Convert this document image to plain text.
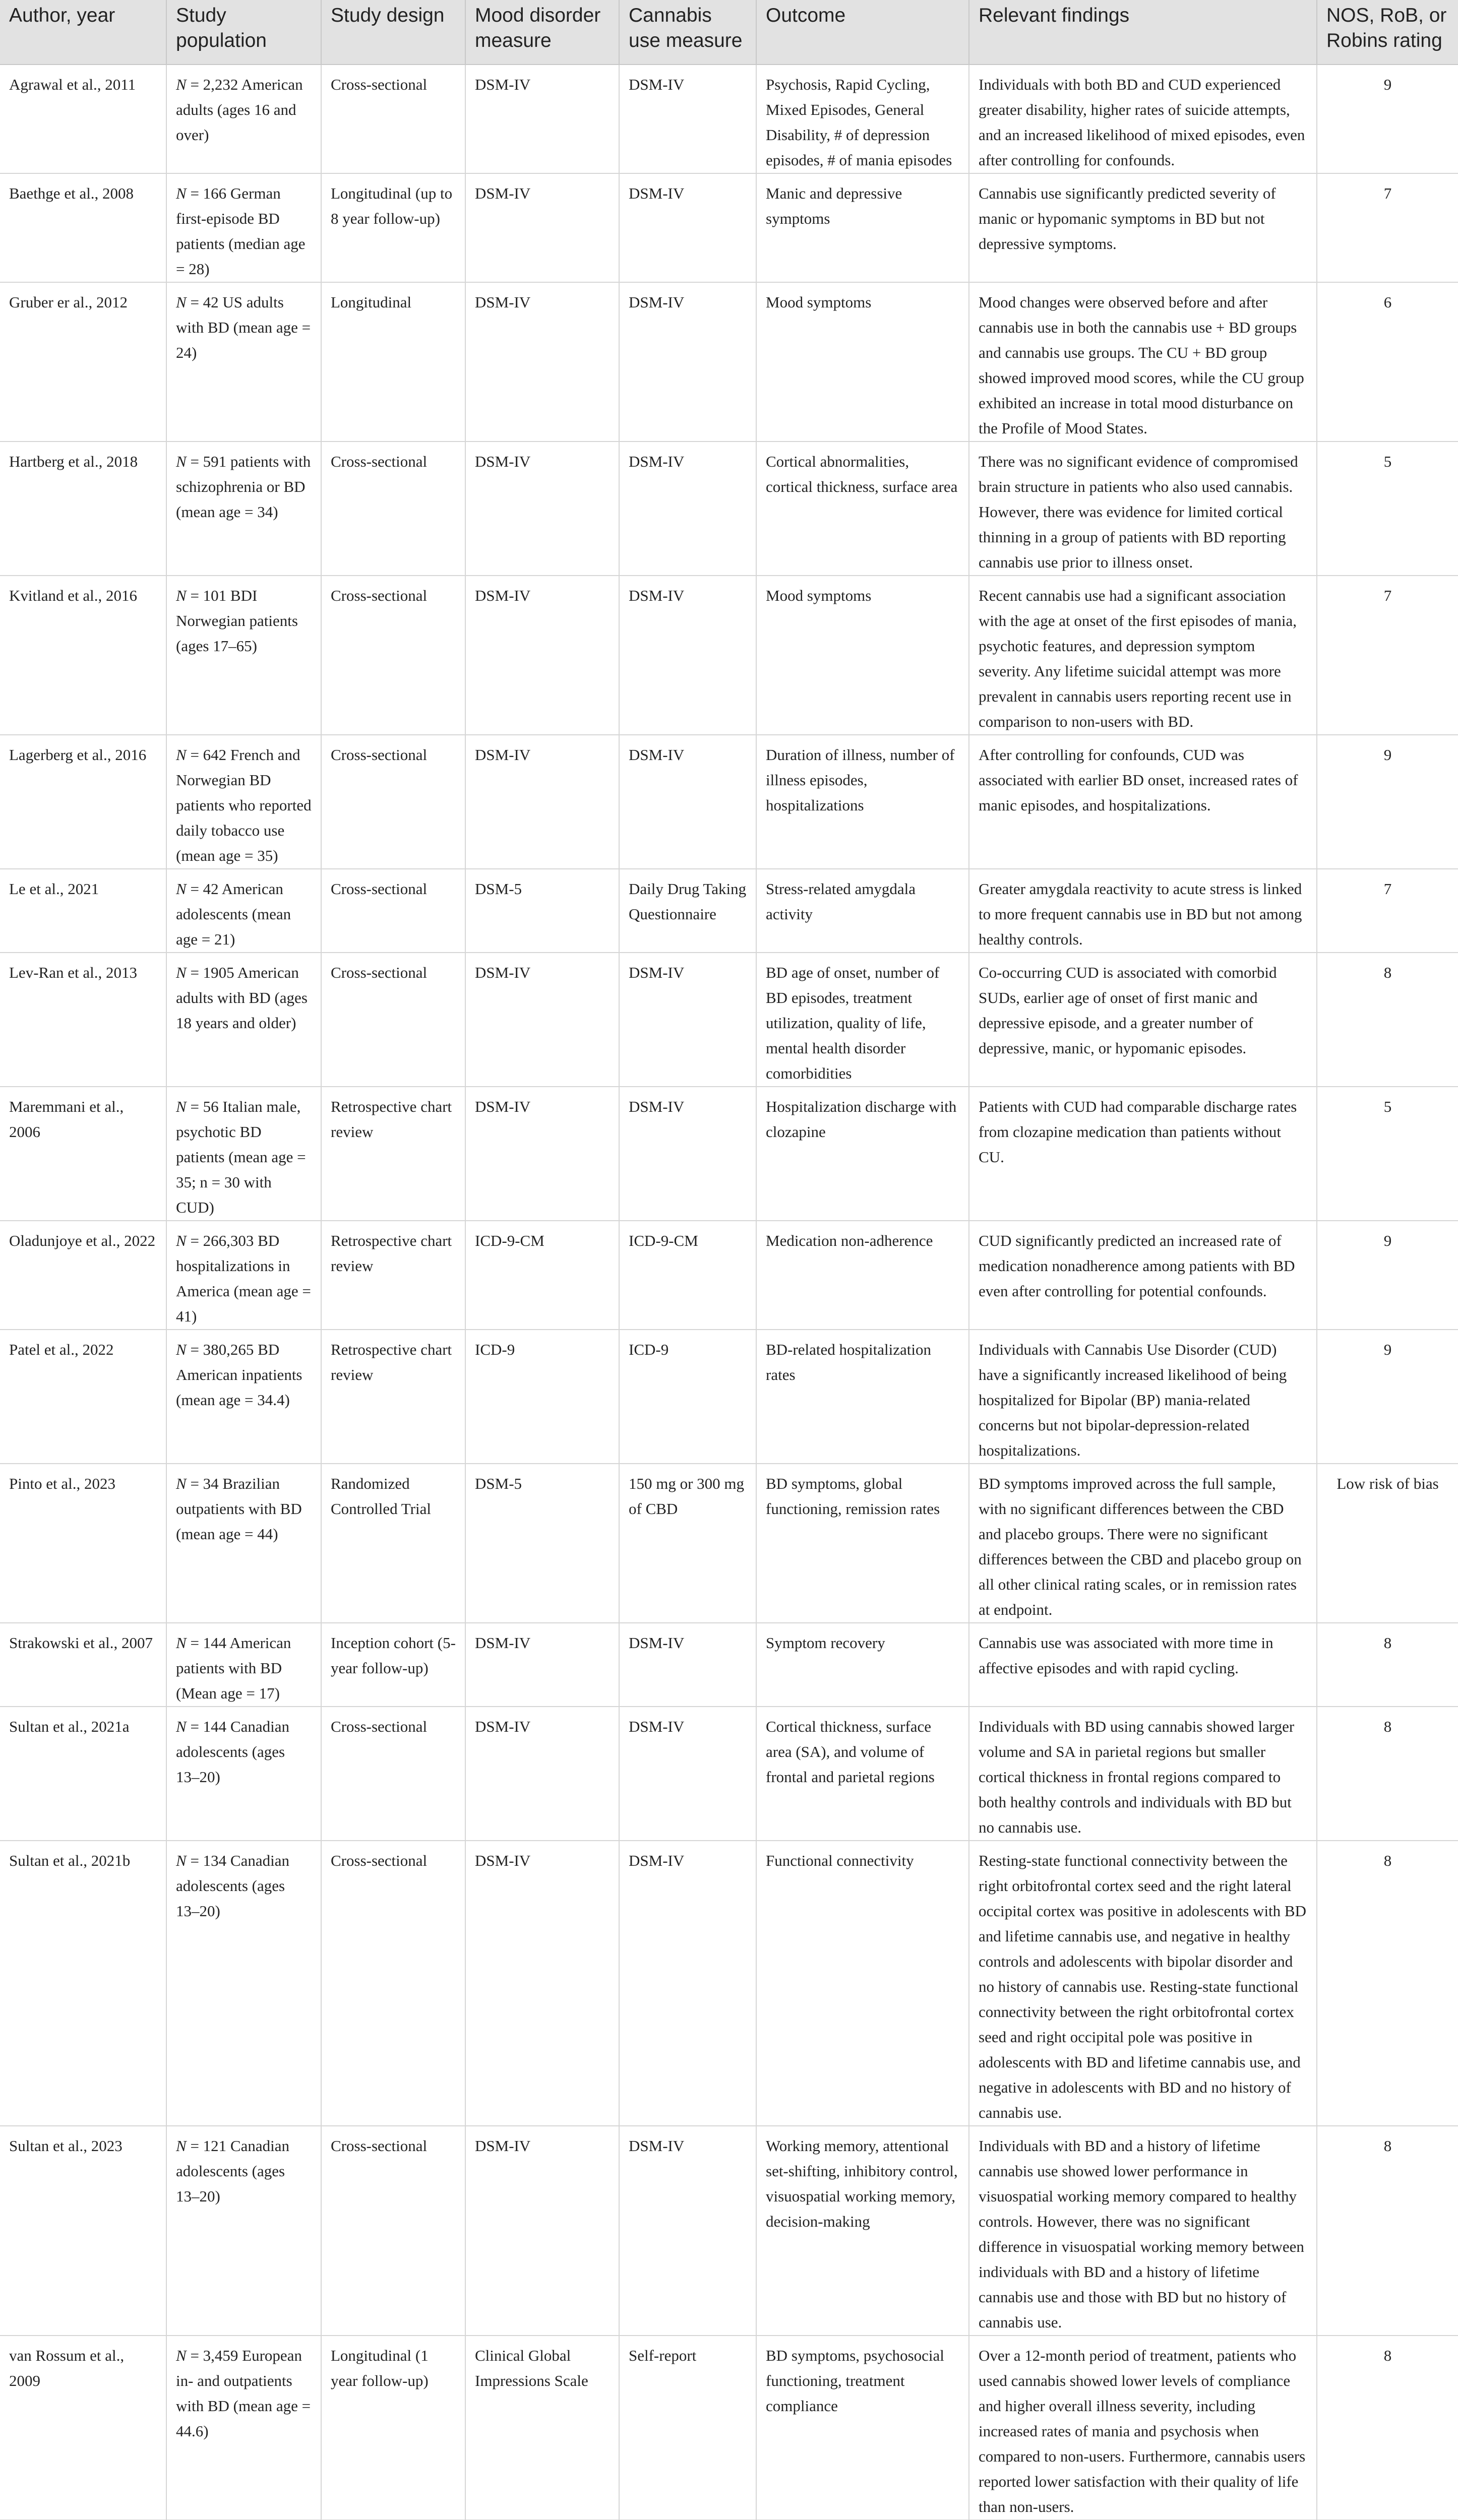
Author, year	Study population	Study design	Mood disorder measure	Cannabis use measure	Outcome	Relevant findings	NOS, RoB, or Robins rating
Agrawal et al., 2011	N = 2,232 American adults (ages 16 and over)	Cross-sectional	DSM-IV	DSM-IV	Psychosis, Rapid Cycling, Mixed Episodes, General Disability, # of depression episodes, # of mania episodes	Individuals with both BD and CUD experienced greater disability, higher rates of suicide attempts, and an increased likelihood of mixed episodes, even after controlling for confounds.	9
Baethge et al., 2008	N = 166 German first-episode BD patients (median age = 28)	Longitudinal (up to 8 year follow-up)	DSM-IV	DSM-IV	Manic and depressive symptoms	Cannabis use significantly predicted severity of manic or hypomanic symptoms in BD but not depressive symptoms.	7
Gruber er al., 2012	N = 42 US adults with BD (mean age = 24)	Longitudinal	DSM-IV	DSM-IV	Mood symptoms	Mood changes were observed before and after cannabis use in both the cannabis use + BD groups and cannabis use groups. The CU + BD group showed improved mood scores, while the CU group exhibited an increase in total mood disturbance on the Profile of Mood States.	6
Hartberg et al., 2018	N = 591 patients with schizophrenia or BD (mean age = 34)	Cross-sectional	DSM-IV	DSM-IV	Cortical abnormalities, cortical thickness, surface area	There was no significant evidence of compromised brain structure in patients who also used cannabis. However, there was evidence for limited cortical thinning in a group of patients with BD reporting cannabis use prior to illness onset.	5
Kvitland et al., 2016	N = 101 BDI Norwegian patients (ages 17–65)	Cross-sectional	DSM-IV	DSM-IV	Mood symptoms	Recent cannabis use had a significant association with the age at onset of the first episodes of mania, psychotic features, and depression symptom severity. Any lifetime suicidal attempt was more prevalent in cannabis users reporting recent use in comparison to non-users with BD.	7
Lagerberg et al., 2016	N = 642 French and Norwegian BD patients who reported daily tobacco use (mean age = 35)	Cross-sectional	DSM-IV	DSM-IV	Duration of illness, number of illness episodes, hospitalizations	After controlling for confounds, CUD was associated with earlier BD onset, increased rates of manic episodes, and hospitalizations.	9
Le et al., 2021	N = 42 American adolescents (mean age = 21)	Cross-sectional	DSM-5	Daily Drug Taking Questionnaire	Stress-related amygdala activity	Greater amygdala reactivity to acute stress is linked to more frequent cannabis use in BD but not among healthy controls.	7
Lev-Ran et al., 2013	N = 1905 American adults with BD (ages 18 years and older)	Cross-sectional	DSM-IV	DSM-IV	BD age of onset, number of BD episodes, treatment utilization, quality of life, mental health disorder comorbidities	Co-occurring CUD is associated with comorbid SUDs, earlier age of onset of first manic and depressive episode, and a greater number of depressive, manic, or hypomanic episodes.	8
Maremmani et al., 2006	N = 56 Italian male, psychotic BD patients (mean age = 35; n = 30 with CUD)	Retrospective chart review	DSM-IV	DSM-IV	Hospitalization discharge with clozapine	Patients with CUD had comparable discharge rates from clozapine medication than patients without CU.	5
Oladunjoye et al., 2022	N = 266,303 BD hospitalizations in America (mean age = 41)	Retrospective chart review	ICD-9-CM	ICD-9-CM	Medication non-adherence	CUD significantly predicted an increased rate of medication nonadherence among patients with BD even after controlling for potential confounds.	9
Patel et al., 2022	N = 380,265 BD American inpatients (mean age = 34.4)	Retrospective chart review	ICD-9	ICD-9	BD-related hospitalization rates	Individuals with Cannabis Use Disorder (CUD) have a significantly increased likelihood of being hospitalized for Bipolar (BP) mania-related concerns but not bipolar-depression-related hospitalizations.	9
Pinto et al., 2023	N = 34 Brazilian outpatients with BD (mean age = 44)	Randomized Controlled Trial	DSM-5	150 mg or 300 mg of CBD	BD symptoms, global functioning, remission rates	BD symptoms improved across the full sample, with no significant differences between the CBD and placebo groups. There were no significant differences between the CBD and placebo group on all other clinical rating scales, or in remission rates at endpoint.	Low risk of bias
Strakowski et al., 2007	N = 144 American patients with BD (Mean age = 17)	Inception cohort (5-year follow-up)	DSM-IV	DSM-IV	Symptom recovery	Cannabis use was associated with more time in affective episodes and with rapid cycling.	8
Sultan et al., 2021a	N = 144 Canadian adolescents (ages 13–20)	Cross-sectional	DSM-IV	DSM-IV	Cortical thickness, surface area (SA), and volume of frontal and parietal regions	Individuals with BD using cannabis showed larger volume and SA in parietal regions but smaller cortical thickness in frontal regions compared to both healthy controls and individuals with BD but no cannabis use.	8
Sultan et al., 2021b	N = 134 Canadian adolescents (ages 13–20)	Cross-sectional	DSM-IV	DSM-IV	Functional connectivity	Resting-state functional connectivity between the right orbitofrontal cortex seed and the right lateral occipital cortex was positive in adolescents with BD and lifetime cannabis use, and negative in healthy controls and adolescents with bipolar disorder and no history of cannabis use. Resting-state functional connectivity between the right orbitofrontal cortex seed and right occipital pole was positive in adolescents with BD and lifetime cannabis use, and negative in adolescents with BD and no history of cannabis use.	8
Sultan et al., 2023	N = 121 Canadian adolescents (ages 13–20)	Cross-sectional	DSM-IV	DSM-IV	Working memory, attentional set-shifting, inhibitory control, visuospatial working memory, decision-making	Individuals with BD and a history of lifetime cannabis use showed lower performance in visuospatial working memory compared to healthy controls. However, there was no significant difference in visuospatial working memory between individuals with BD and a history of lifetime cannabis use and those with BD but no history of cannabis use.	8
van Rossum et al., 2009	N = 3,459 European in- and outpatients with BD (mean age = 44.6)	Longitudinal (1 year follow-up)	Clinical Global Impressions Scale	Self-report	BD symptoms, psychosocial functioning, treatment compliance	Over a 12-month period of treatment, patients who used cannabis showed lower levels of compliance and higher overall illness severity, including increased rates of mania and psychosis when compared to non-users. Furthermore, cannabis users reported lower satisfaction with their quality of life than non-users.	8
